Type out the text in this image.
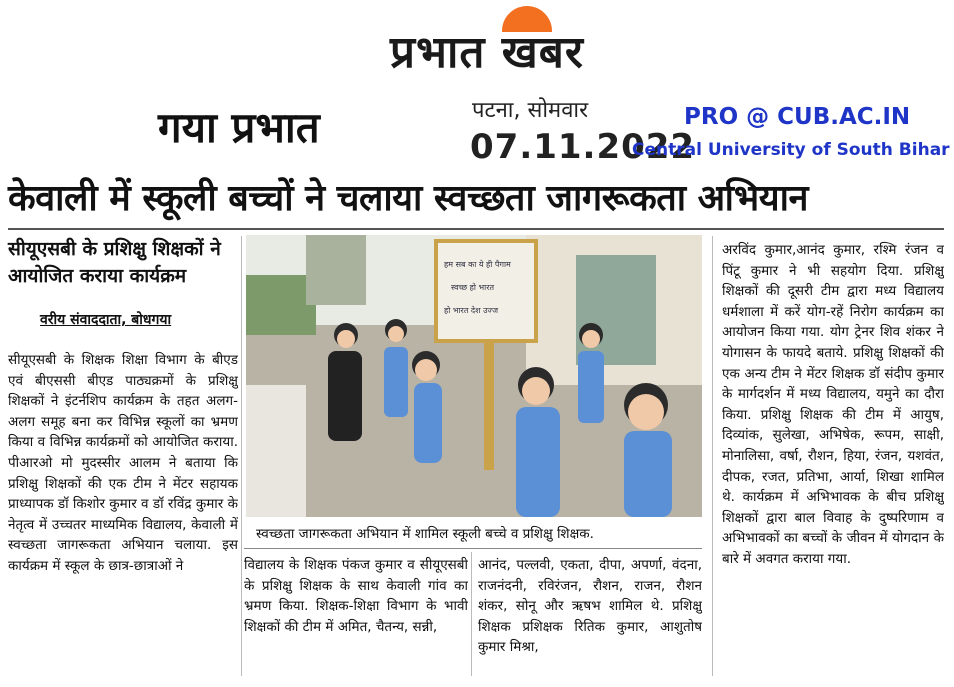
प्रभात खबर
गया प्रभात	पटना, सोमवार
07.11.2022
PRO @ CUB.AC.IN
Central University of South Bihar
केवाली में स्कूली बच्चों ने चलाया स्वच्छता जागरूकता अभियान
सीयूएसबी के प्रशिक्षु शिक्षकों ने आयोजित कराया कार्यक्रम
वरीय संवाददाता, बोधगया
सीयूएसबी के शिक्षक शिक्षा विभाग के बीएड एवं बीएससी बीएड पाठ्यक्रमों के प्रशिक्षु शिक्षकों ने इंटर्नशिप कार्यक्रम के तहत अलग-अलग समूह बना कर विभिन्न स्कूलों का भ्रमण किया व विभिन्न कार्यक्रमों को आयोजित कराया. पीआरओ मो मुदस्सीर आलम ने बताया कि प्रशिक्षु शिक्षकों की एक टीम ने मेंटर सहायक प्राध्यापक डॉ किशोर कुमार व डॉ रविंद्र कुमार के नेतृत्व में उच्चतर माध्यमिक विद्यालय, केवाली में स्वच्छता जागरूकता अभियान चलाया. इस कार्यक्रम में स्कूल के छात्र-छात्राओं ने	विद्यालय के शिक्षक पंकज कुमार व सीयूएसबी के प्रशिक्षु शिक्षक के साथ केवाली गांव का भ्रमण किया. शिक्षक-शिक्षा विभाग के भावी शिक्षकों की टीम में अमित, चैतन्य, सन्नी,
आनंद, पल्लवी, एकता, दीपा, अपर्णा, वंदना, राजनंदनी, रविरंजन, रौशन, राजन, रौशन शंकर, सोनू और ऋषभ शामिल थे. प्रशिक्षु शिक्षक प्रशिक्षक रितिक कुमार, आशुतोष कुमार मिश्रा,
अरविंद कुमार,आनंद कुमार, रश्मि रंजन व पिंटू कुमार ने भी सहयोग दिया. प्रशिक्षु शिक्षकों की दूसरी टीम द्वारा मध्य विद्यालय धर्मशाला में करें योग-रहें निरोग कार्यक्रम का आयोजन किया गया. योग ट्रेनर शिव शंकर ने योगासन के फायदे बताये. प्रशिक्षु शिक्षकों की एक अन्य टीम ने मेंटर शिक्षक डॉ संदीप कुमार के मार्गदर्शन में मध्य विद्यालय, यमुने का दौरा किया. प्रशिक्षु शिक्षक की टीम में आयुष, दिव्यांक, सुलेखा, अभिषेक, रूपम, साक्षी, मोनालिसा, वर्षा, रौशन, हिया, रंजन, यशवंत, दीपक, रजत, प्रतिभा, आर्या, शिखा शामिल थे. कार्यक्रम में अभिभावक के बीच प्रशिक्षु शिक्षकों द्वारा बाल विवाह के दुष्परिणाम व अभिभावकों का बच्चों के जीवन में योगदान के बारे में अवगत कराया गया.
हम सब का ये ही पैगाम
स्वच्छ हो भारत
हो भारत देश उज्ज
स्वच्छता जागरूकता अभियान में शामिल स्कूली बच्चे व प्रशिक्षु शिक्षक.
